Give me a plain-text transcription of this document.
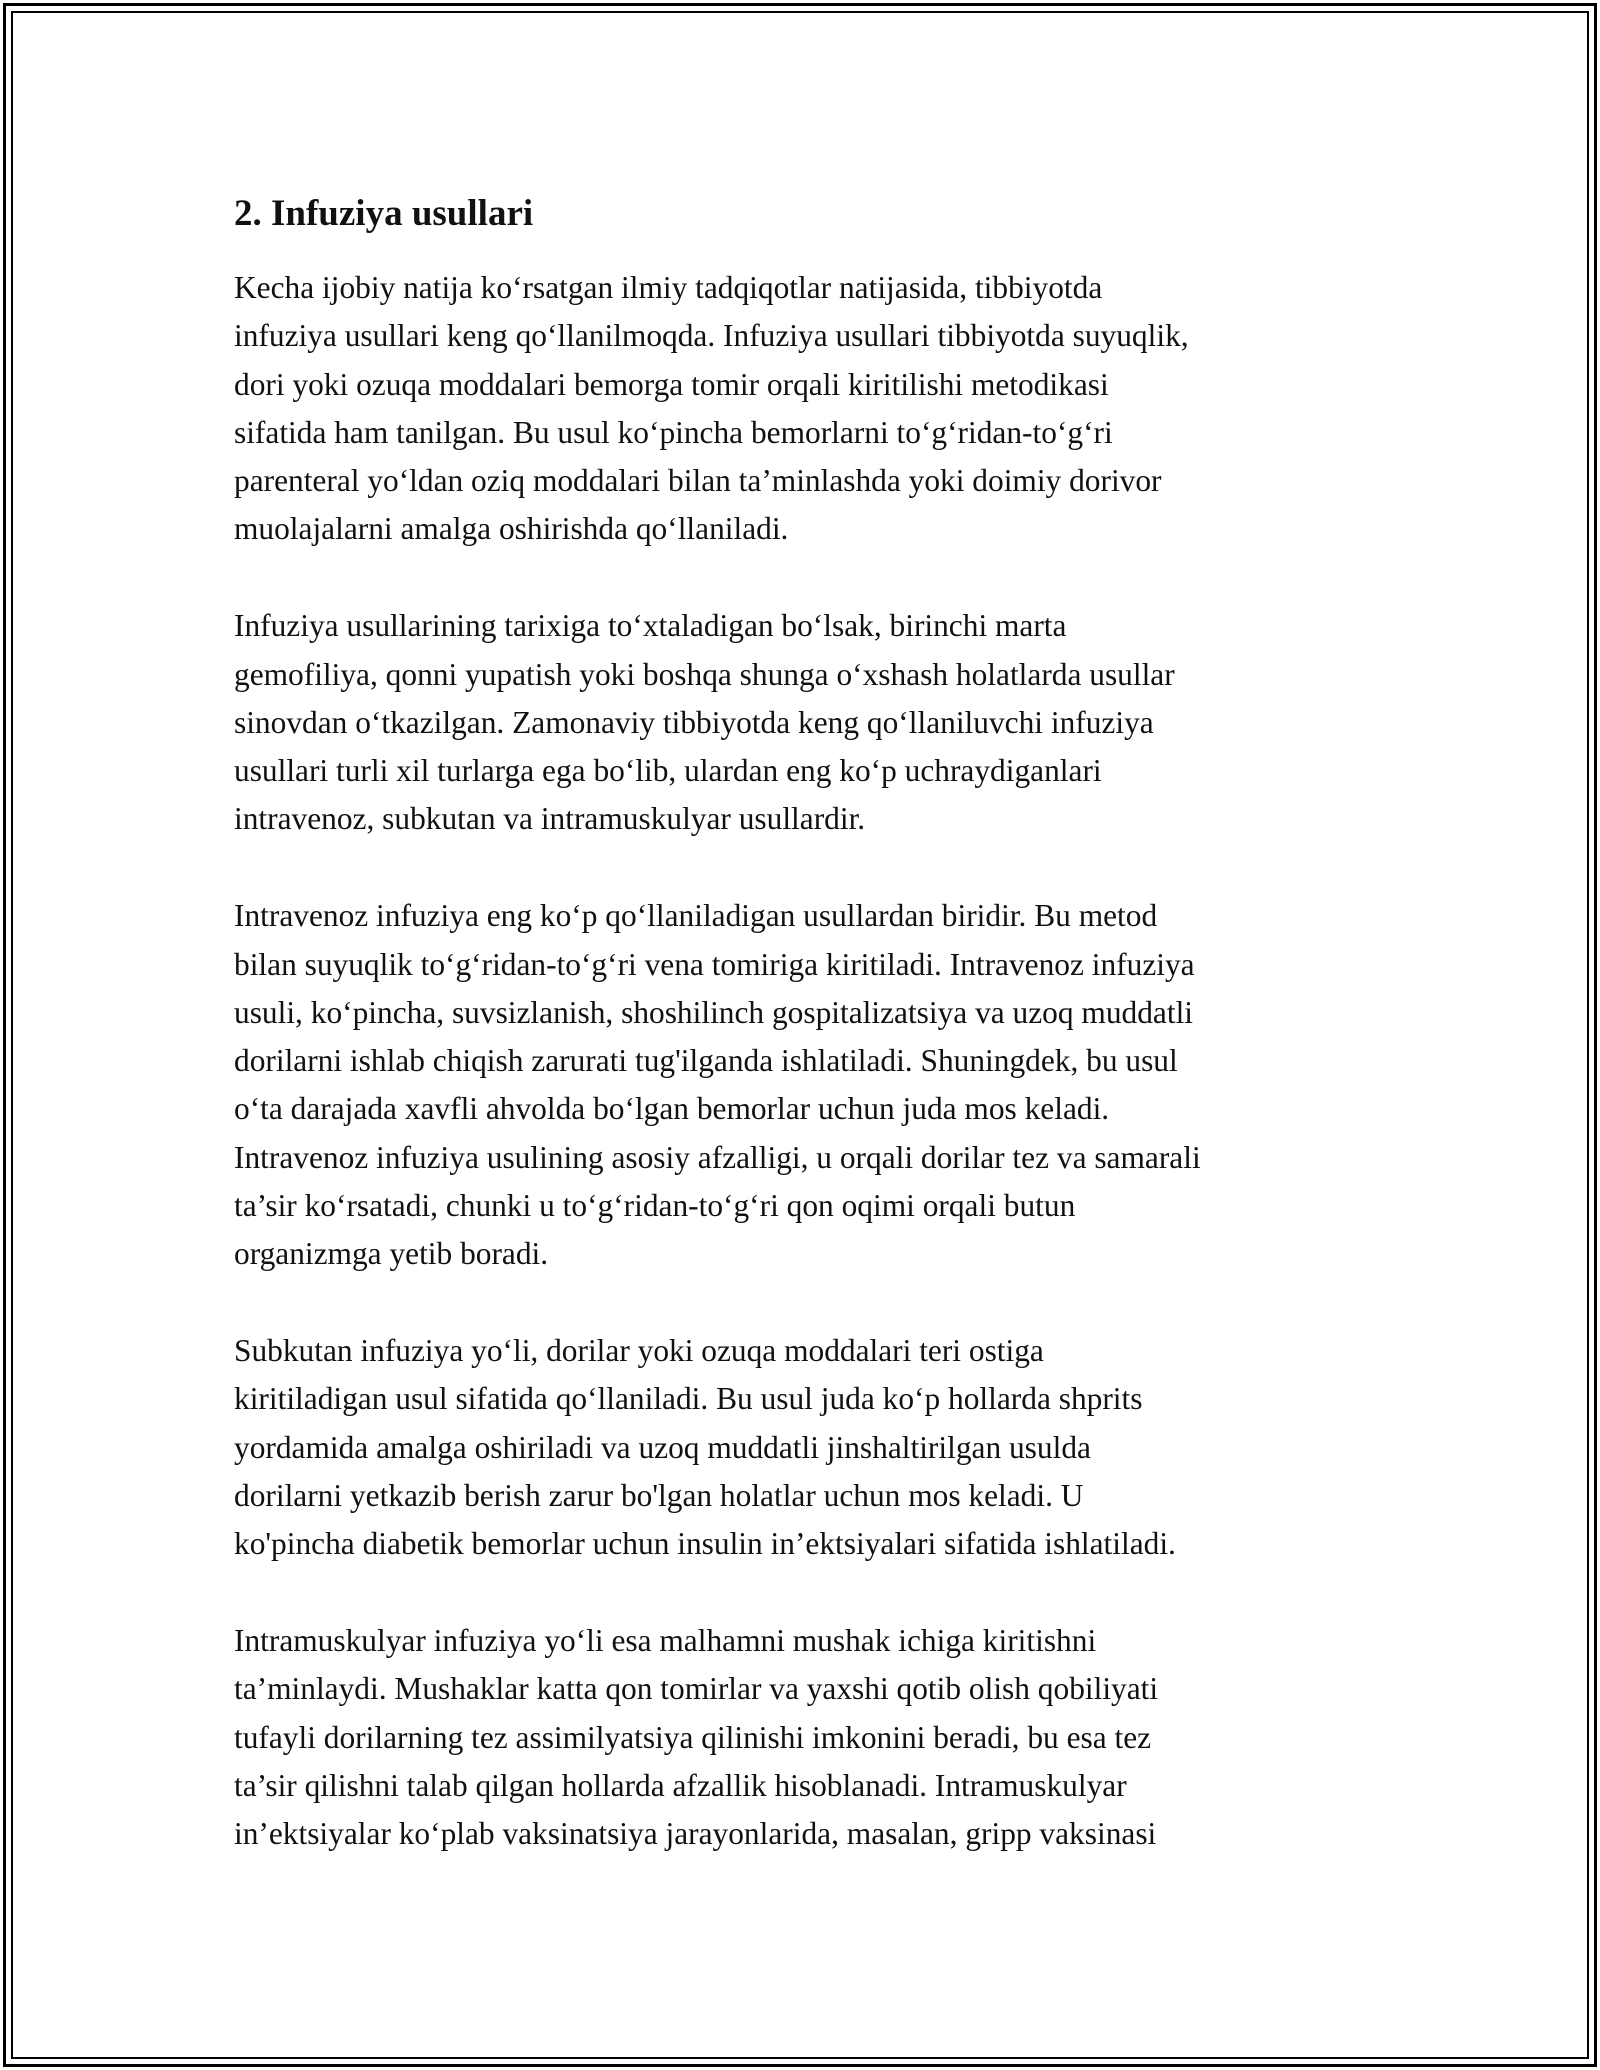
2. Infuziya usullari
Kecha ijobiy natija ko‘rsatgan ilmiy tadqiqotlar natijasida, tibbiyotda
infuziya usullari keng qo‘llanilmoqda. Infuziya usullari tibbiyotda suyuqlik,
dori yoki ozuqa moddalari bemorga tomir orqali kiritilishi metodikasi
sifatida ham tanilgan. Bu usul ko‘pincha bemorlarni to‘g‘ridan-to‘g‘ri
parenteral yo‘ldan oziq moddalari bilan ta’minlashda yoki doimiy dorivor
muolajalarni amalga oshirishda qo‘llaniladi.
Infuziya usullarining tarixiga to‘xtaladigan bo‘lsak, birinchi marta
gemofiliya, qonni yupatish yoki boshqa shunga o‘xshash holatlarda usullar
sinovdan o‘tkazilgan. Zamonaviy tibbiyotda keng qo‘llaniluvchi infuziya
usullari turli xil turlarga ega bo‘lib, ulardan eng ko‘p uchraydiganlari
intravenoz, subkutan va intramuskulyar usullardir.
Intravenoz infuziya eng ko‘p qo‘llaniladigan usullardan biridir. Bu metod
bilan suyuqlik to‘g‘ridan-to‘g‘ri vena tomiriga kiritiladi. Intravenoz infuziya
usuli, ko‘pincha, suvsizlanish, shoshilinch gospitalizatsiya va uzoq muddatli
dorilarni ishlab chiqish zarurati tug'ilganda ishlatiladi. Shuningdek, bu usul
o‘ta darajada xavfli ahvolda bo‘lgan bemorlar uchun juda mos keladi.
Intravenoz infuziya usulining asosiy afzalligi, u orqali dorilar tez va samarali
ta’sir ko‘rsatadi, chunki u to‘g‘ridan-to‘g‘ri qon oqimi orqali butun
organizmga yetib boradi.
Subkutan infuziya yo‘li, dorilar yoki ozuqa moddalari teri ostiga
kiritiladigan usul sifatida qo‘llaniladi. Bu usul juda ko‘p hollarda shprits
yordamida amalga oshiriladi va uzoq muddatli jinshaltirilgan usulda
dorilarni yetkazib berish zarur bo'lgan holatlar uchun mos keladi. U
ko'pincha diabetik bemorlar uchun insulin in’ektsiyalari sifatida ishlatiladi.
Intramuskulyar infuziya yo‘li esa malhamni mushak ichiga kiritishni
ta’minlaydi. Mushaklar katta qon tomirlar va yaxshi qotib olish qobiliyati
tufayli dorilarning tez assimilyatsiya qilinishi imkonini beradi, bu esa tez
ta’sir qilishni talab qilgan hollarda afzallik hisoblanadi. Intramuskulyar
in’ektsiyalar ko‘plab vaksinatsiya jarayonlarida, masalan, gripp vaksinasi
